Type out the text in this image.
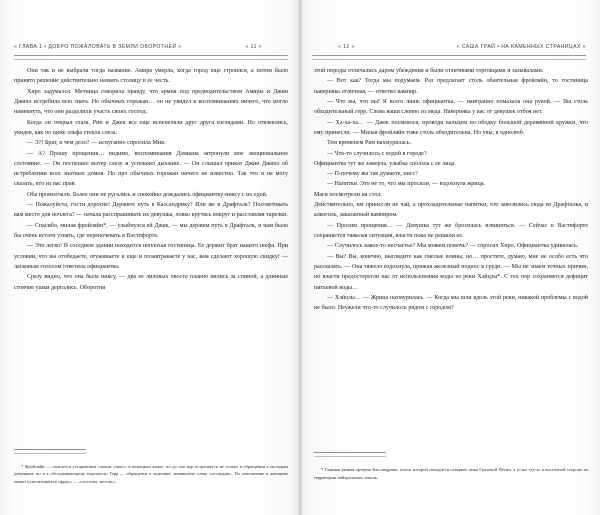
« ГЛАВА 1 • ДОБРО ПОЖАЛОВАТЬ В ЗЕМЛИ ОБОРОТНЕЙ »	« 11 »

Они так и не выбрали тогда название. Амира умерла, когда город еще строился, а потом было принято решение действительно назвать столицу в ее честь.

Хиро задумался. Мечница говорила правду, что армия под предводительством Амиры и Джин Джихо истребила всю знать. Но обычных горожан… он не увидел в воспоминаниях ничего, что могло намекнуть, что они разделили участь своих господ.

Когда он открыл глаза, Рин и Джек все еще испепеляли друг друга взглядами. Но отвлеклись, увидев, как по щеке эльфа стекла слеза.

— Э?! Брат, в чем дело? — испуганно спросила Мия.

— А? Прошу прощения… видимо, воспоминания Дэмиана затронули мое эмоциональное состояние. — Он поспешно вытер слезу и успокоил дыхание. — Он слышал приказ Джин Джихо об истреблении всех знатных домов. Но про обычных горожан ничего не известно. Так что я не могу сказать, кто из вас прав.

Оба промолчали. Более они не ругались и спокойно дождались официантку-никсу с их едой.

— Пожалуйста, гости дорогие! Держите путь в Кассандрику? Или же в Драфталк? Посоветовать вам место для ночлега? — начала расспрашивать их девушка, ловко крутясь вокруг и расставляя тарелки.

— Спасибо, милая фройляйн*, — улыбнулся ей Джек, — мы держим путь в Драфталк, и нам было бы очень кстати узнать, где переночевать в Вэстпфорте.

— Это легко! В соседнем здании находится неплохая гостиница. Ее держит брат нашего шефа. При условии, что вы отобедаете, отужинаете и еще и позавтракаете у нас, вам сделают хорошую скидку! — ласковым голосом ответила официантка.

Сразу видно, что она была никсу, — два ее лиловых хвоста плавно вились за спиной, а длинные стоячие ушки дергались. Оборотни

* Фройляйн — считается устаревшим словом «мисс» в немецком языке, но до сих пор встречается не только в обращении к молодым девушкам, но и к обслуживающему персоналу. Герр — обращение к мужчине, эквивалент слову «господин». По отношению к женщине может использоваться «фрау» — «госпожа, миссис».

« 12 »	« САША ГРАЙ • НА КАМЕННЫХ СТРАНИЦАХ »

этой породы отличались даром убеждения и были отличными торговцами и зазывалами.

— Вот как? Тогда мы подумаем. Раз предлагает столь обаятельная фройляйн, то гостиница наверняка отличная, — ответил вампир.

— Что вы, что вы! Я всего лишь официантка, — наигранно помахала она рукой. — Вы столь обходительный герр. Слова ваши словно из меда. Наверняка у вас от девушек отбоя нет.

— Ха-ха-ха… — Джек посмеялся, проводя пальцем по ободку большой деревянной кружки, что ему принесли. — Милая фройляйн тоже столь обходительна. Но увы, я однолюб.

Тем временем Рин нахмурилась.

— Что-то случилось с водой в городе?

Официантка тут же замерла, улыбка сползла с ее лица.

— П-почему вы так думаете, нисс?

— Напитки. Это не то, что мы просили, — вздохнула жрица.

Маги посмотрели на стол.

Действительно, им принесли не чай, а прохладительные напитки, что завозились сюда из Драфталка, и алкоголь, заказанный вампиром.

— Просим прощения… — Девушка тут же бросилась извиняться. — Сейчас в Вэстпфорте сохраняется тяжелая ситуация, власти пока не решили ее.

— Случилось какое-то несчастье? Мы можем помочь? — спросил Хиро. Официантка удивилась.

— Вы? Вы, конечно, выглядите как смелые воины, но… простите, думаю, мне не особо есть что рассказать. — Она тяжело вздохнула, прижав железный поднос к груди. — Мы не знаем точных причин, но власти предостерегли нас от использования воды из реки Хэйцзы*. С тех пор сохраняется дефицит питьевой воды…

— Хэйцзы… — Жрица нахмурилась. — Когда мы шли вдоль этой реки, никакой проблемы с водой не было. Неужели что-то случилось рядом с городом?

* Главная речная артерия Кассандрики, исток которой находится севернее пика Грозовой Песни, а устье где-то в восточной стороне на территории нейтральных земель.
